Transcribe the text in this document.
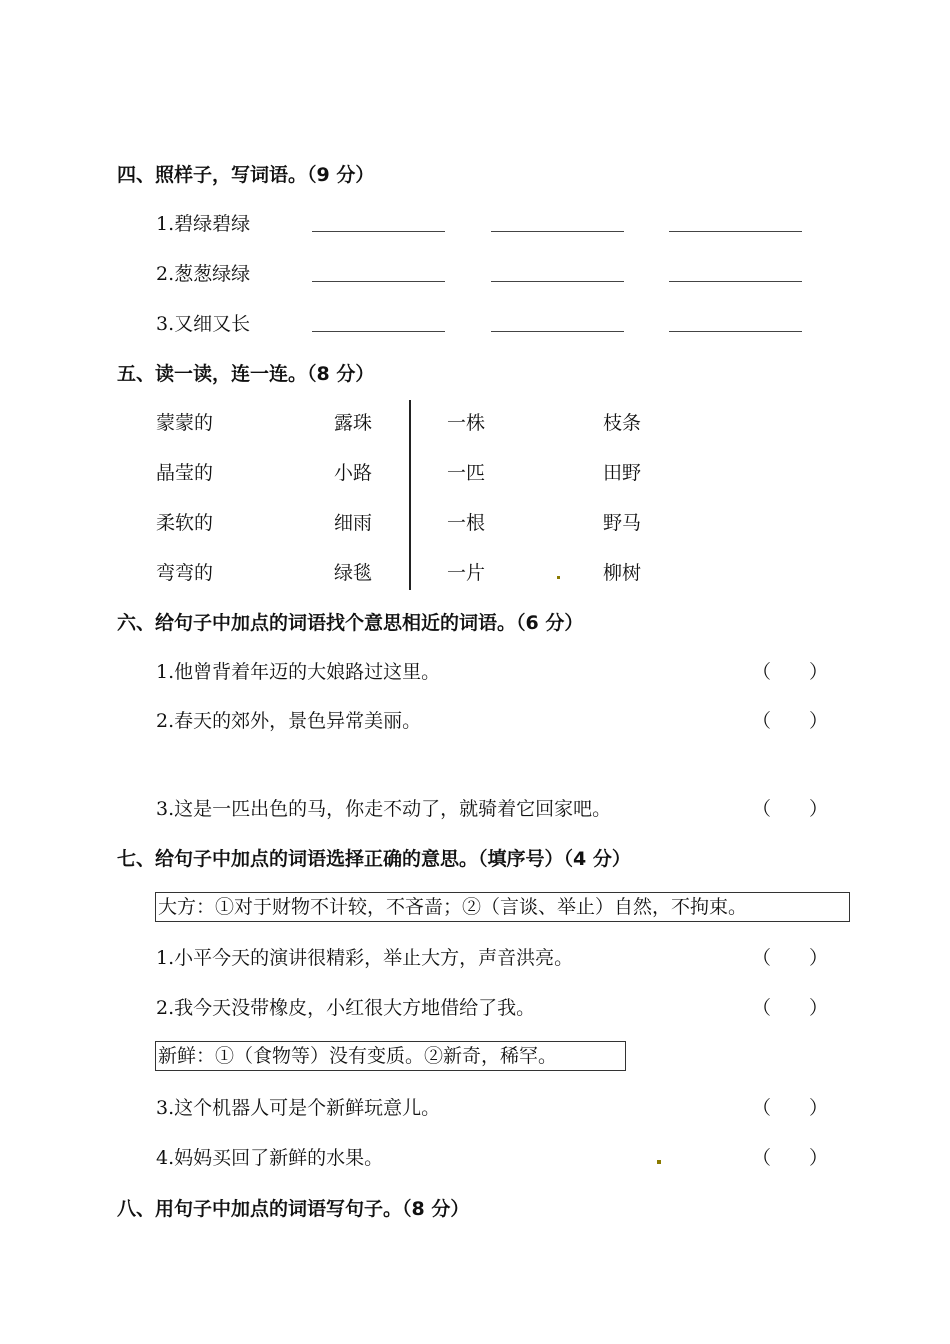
四、照样子，写词语。（9 分）
1.碧绿碧绿
2.葱葱绿绿
3.又细又长
五、读一读，连一连。（8 分）
蒙蒙的	露珠	一株	枝条
晶莹的	小路	一匹	田野
柔软的	细雨	一根	野马
弯弯的	绿毯	一片	柳树
六、给句子中加点的词语找个意思相近的词语。（6 分）
1.他曾背着年迈的大娘路过这里。	（　　）
2.春天的郊外，景色异常美丽。	（　　）
3.这是一匹出色的马，你走不动了，就骑着它回家吧。	（　　）
七、给句子中加点的词语选择正确的意思。（填序号）（4 分）
大方：①对于财物不计较，不吝啬；②（言谈、举止）自然，不拘束。
1.小平今天的演讲很精彩，举止大方，声音洪亮。	（　　）
2.我今天没带橡皮，小红很大方地借给了我。	（　　）
新鲜：①（食物等）没有变质。②新奇，稀罕。
3.这个机器人可是个新鲜玩意儿。	（　　）
4.妈妈买回了新鲜的水果。	（　　）
八、用句子中加点的词语写句子。（8 分）
